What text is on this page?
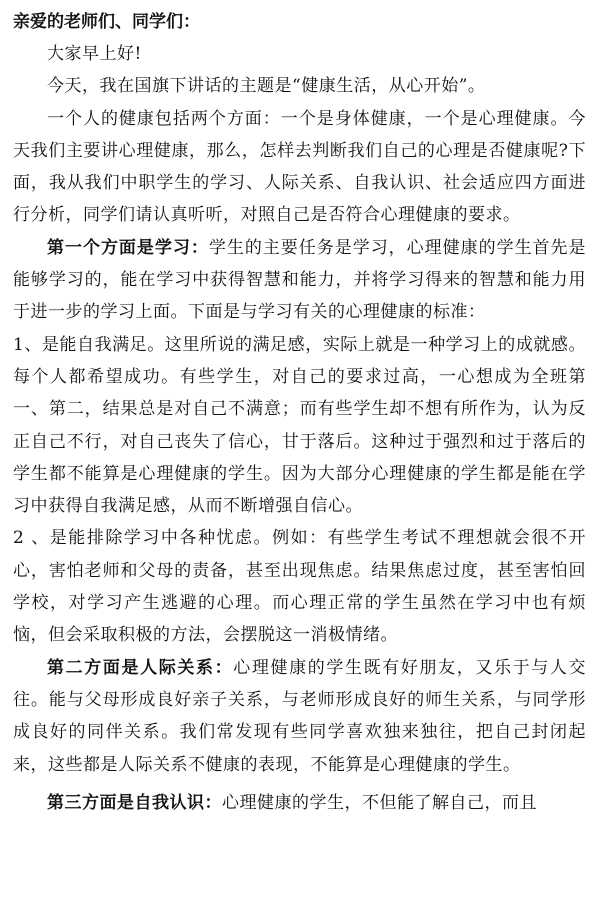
亲爱的老师们、同学们：

大家早上好!

今天，我在国旗下讲话的主题是“健康生活，从心开始”。

一个人的健康包括两个方面：一个是身体健康，一个是心理健康。今天我们主要讲心理健康，那么，怎样去判断我们自己的心理是否健康呢?下面，我从我们中职学生的学习、人际关系、自我认识、社会适应四方面进行分析，同学们请认真听听，对照自己是否符合心理健康的要求。

第一个方面是学习：学生的主要任务是学习，心理健康的学生首先是能够学习的，能在学习中获得智慧和能力，并将学习得来的智慧和能力用于进一步的学习上面。下面是与学习有关的心理健康的标准：

1、是能自我满足。这里所说的满足感，实际上就是一种学习上的成就感。每个人都希望成功。有些学生，对自己的要求过高，一心想成为全班第一、第二，结果总是对自己不满意；而有些学生却不想有所作为，认为反正自己不行，对自己丧失了信心，甘于落后。这种过于强烈和过于落后的学生都不能算是心理健康的学生。因为大部分心理健康的学生都是能在学习中获得自我满足感，从而不断增强自信心。

2 、是能排除学习中各种忧虑。例如：有些学生考试不理想就会很不开心，害怕老师和父母的责备，甚至出现焦虑。结果焦虑过度，甚至害怕回学校，对学习产生逃避的心理。而心理正常的学生虽然在学习中也有烦恼，但会采取积极的方法，会摆脱这一消极情绪。

第二方面是人际关系：心理健康的学生既有好朋友，又乐于与人交往。能与父母形成良好亲子关系，与老师形成良好的师生关系，与同学形成良好的同伴关系。我们常发现有些同学喜欢独来独往，把自己封闭起来，这些都是人际关系不健康的表现，不能算是心理健康的学生。

第三方面是自我认识：心理健康的学生，不但能了解自己，而且
